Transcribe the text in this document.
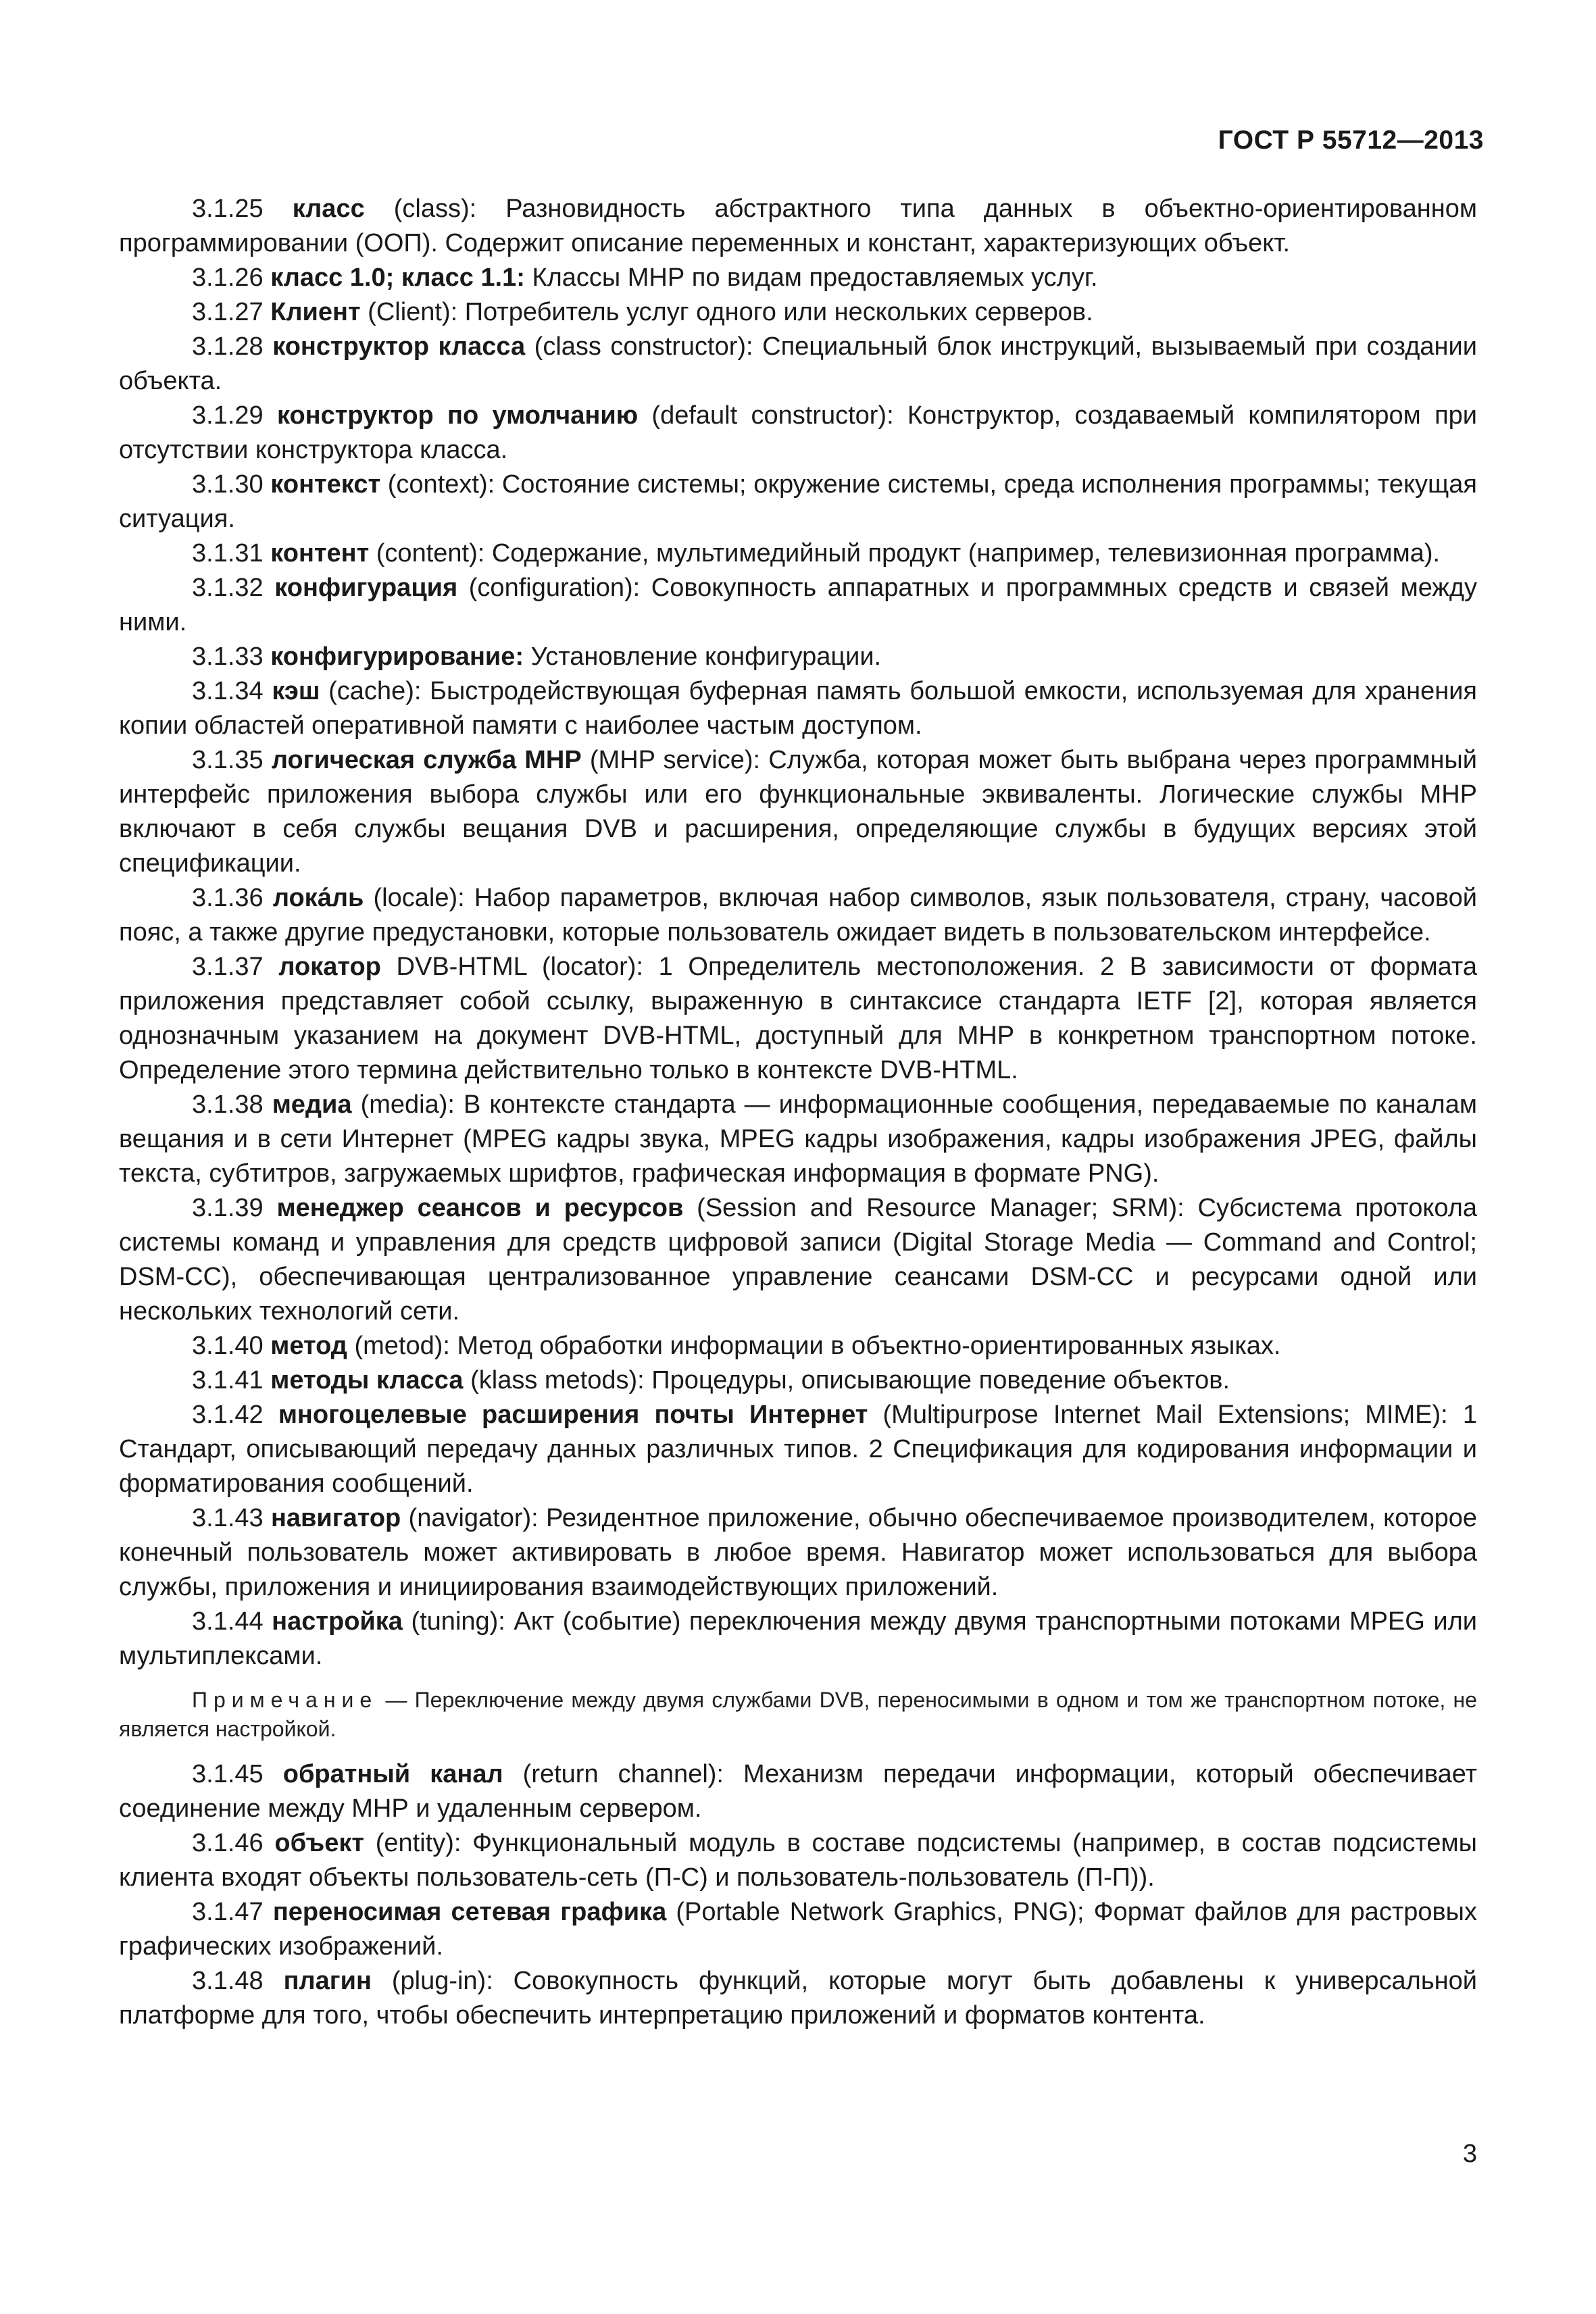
ГОСТ Р 55712—2013

3.1.25 класс (class): Разновидность абстрактного типа данных в объектно-ориентированном программировании (ООП). Содержит описание переменных и констант, характеризующих объект.

3.1.26 класс 1.0; класс 1.1: Классы МНР по видам предоставляемых услуг.

3.1.27 Клиент (Client): Потребитель услуг одного или нескольких серверов.

3.1.28 конструктор класса (class constructor): Специальный блок инструкций, вызываемый при создании объекта.

3.1.29 конструктор по умолчанию (default constructor): Конструктор, создаваемый компилятором при отсутствии конструктора класса.

3.1.30 контекст (context): Состояние системы; окружение системы, среда исполнения программы; текущая ситуация.

3.1.31 контент (content): Содержание, мультимедийный продукт (например, телевизионная программа).

3.1.32 конфигурация (configuration): Совокупность аппаратных и программных средств и связей между ними.

3.1.33 конфигурирование: Установление конфигурации.

3.1.34 кэш (cache): Быстродействующая буферная память большой емкости, используемая для хранения копии областей оперативной памяти с наиболее частым доступом.

3.1.35 логическая служба МНР (MHP service): Служба, которая может быть выбрана через программный интерфейс приложения выбора службы или его функциональные эквиваленты. Логические службы МНР включают в себя службы вещания DVB и расширения, определяющие службы в будущих версиях этой спецификации.

3.1.36 лока́ль (locale): Набор параметров, включая набор символов, язык пользователя, страну, часовой пояс, а также другие предустановки, которые пользователь ожидает видеть в пользовательском интерфейсе.

3.1.37 локатор DVB-HTML (locator): 1 Определитель местоположения. 2 В зависимости от формата приложения представляет собой ссылку, выраженную в синтаксисе стандарта IETF [2], которая является однозначным указанием на документ DVB-HTML, доступный для МНР в конкретном транспортном потоке. Определение этого термина действительно только в контексте DVB-HTML.

3.1.38 медиа (media): В контексте стандарта — информационные сообщения, передаваемые по каналам вещания и в сети Интернет (MPEG кадры звука, MPEG кадры изображения, кадры изображения JPEG, файлы текста, субтитров, загружаемых шрифтов, графическая информация в формате PNG).

3.1.39 менеджер сеансов и ресурсов (Session and Resource Manager; SRM): Субсистема протокола системы команд и управления для средств цифровой записи (Digital Storage Media — Command and Control; DSM-CC), обеспечивающая централизованное управление сеансами DSM-CC и ресурсами одной или нескольких технологий сети.

3.1.40 метод (metod): Метод обработки информации в объектно-ориентированных языках.

3.1.41 методы класса (klass metods): Процедуры, описывающие поведение объектов.

3.1.42 многоцелевые расширения почты Интернет (Multipurpose Internet Mail Extensions; MIME): 1 Стандарт, описывающий передачу данных различных типов. 2 Спецификация для кодирования информации и форматирования сообщений.

3.1.43 навигатор (navigator): Резидентное приложение, обычно обеспечиваемое производителем, которое конечный пользователь может активировать в любое время. Навигатор может использоваться для выбора службы, приложения и инициирования взаимодействующих приложений.

3.1.44 настройка (tuning): Акт (событие) переключения между двумя транспортными потоками MPEG или мультиплексами.

Примечание — Переключение между двумя службами DVB, переносимыми в одном и том же транспортном потоке, не является настройкой.

3.1.45 обратный канал (return channel): Механизм передачи информации, который обеспечивает соединение между МНР и удаленным сервером.

3.1.46 объект (entity): Функциональный модуль в составе подсистемы (например, в состав подсистемы клиента входят объекты пользователь-сеть (П-С) и пользователь-пользователь (П-П)).

3.1.47 переносимая сетевая графика (Portable Network Graphics, PNG); Формат файлов для растровых графических изображений.

3.1.48 плагин (plug-in): Совокупность функций, которые могут быть добавлены к универсальной платформе для того, чтобы обеспечить интерпретацию приложений и форматов контента.

3
